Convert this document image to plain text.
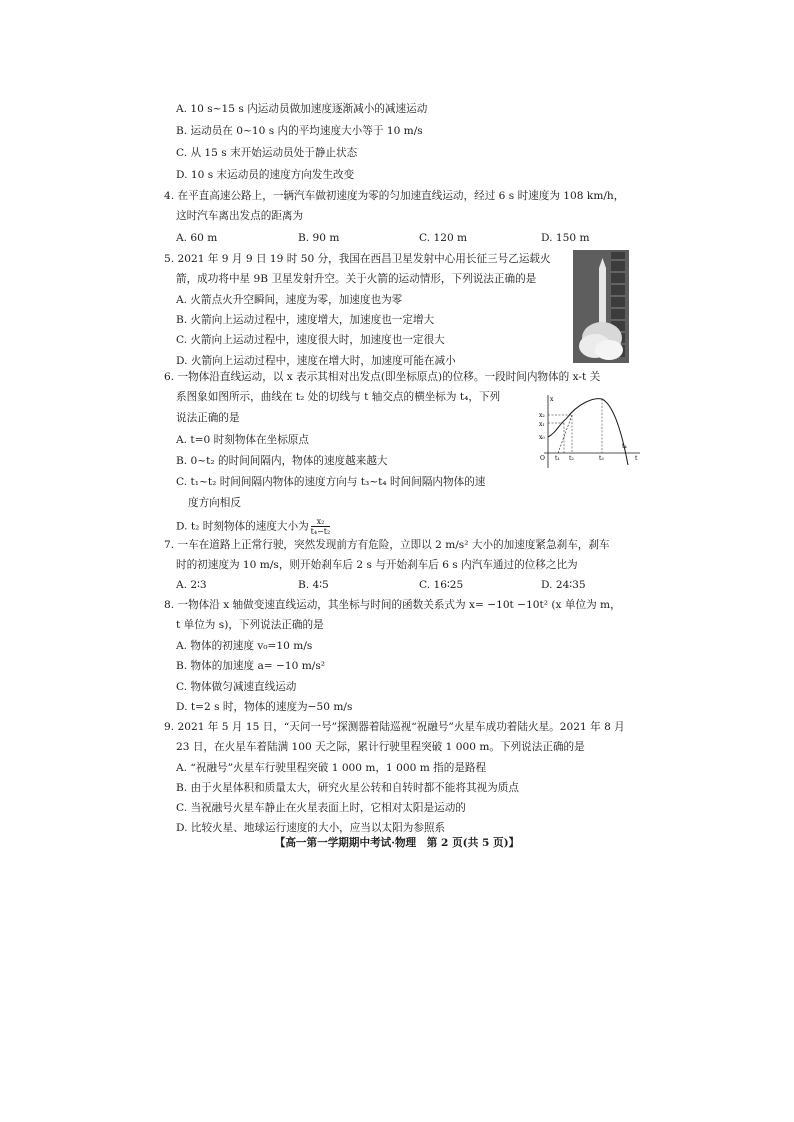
A. 10 s~15 s 内运动员做加速度逐渐减小的减速运动
B. 运动员在 0~10 s 内的平均速度大小等于 10 m/s
C. 从 15 s 末开始运动员处于静止状态
D. 10 s 末运动员的速度方向发生改变
4. 在平直高速公路上，一辆汽车做初速度为零的匀加速直线运动，经过 6 s 时速度为 108 km/h，
这时汽车离出发点的距离为
A. 60 m	B. 90 m	C. 120 m	D. 150 m
5. 2021 年 9 月 9 日 19 时 50 分，我国在西昌卫星发射中心用长征三号乙运载火
箭，成功将中星 9B 卫星发射升空。关于火箭的运动情形，下列说法正确的是
A. 火箭点火升空瞬间，速度为零，加速度也为零
B. 火箭向上运动过程中，速度增大，加速度也一定增大
C. 火箭向上运动过程中，速度很大时，加速度也一定很大
D. 火箭向上运动过程中，速度在增大时，加速度可能在减小
6. 一物体沿直线运动，以 x 表示其相对出发点(即坐标原点)的位移。一段时间内物体的 x-t 关
系图象如图所示，曲线在 t₂ 处的切线与 t 轴交点的横坐标为 t₄，下列
说法正确的是
A. t=0 时刻物体在坐标原点
B. 0~t₂ 的时间间隔内，物体的速度越来越大
C. t₁~t₂ 时间间隔内物体的速度方向与 t₃~t₄ 时间间隔内物体的速
度方向相反
D. t₂ 时刻物体的速度大小为 $\frac{\text{x₂}}{\text{t₄−t₂}}$
x
t
O
x₂
x₁
x₀
t₁ t₂	t₃
t₄
7. 一车在道路上正常行驶，突然发现前方有危险，立即以 2 m/s² 大小的加速度紧急刹车，刹车
时的初速度为 10 m/s，则开始刹车后 2 s 与开始刹车后 6 s 内汽车通过的位移之比为
A. 2∶3	B. 4∶5	C. 16∶25	D. 24∶35
8. 一物体沿 x 轴做变速直线运动，其坐标与时间的函数关系式为 x= −10t −10t² (x 单位为 m，
t 单位为 s)，下列说法正确的是
A. 物体的初速度 v₀=10 m/s
B. 物体的加速度 a= −10 m/s²
C. 物体做匀减速直线运动
D. t=2 s 时，物体的速度为−50 m/s
9. 2021 年 5 月 15 日，“天问一号”探测器着陆巡视“祝融号”火星车成功着陆火星。2021 年 8 月
23 日，在火星车着陆满 100 天之际，累计行驶里程突破 1 000 m。下列说法正确的是
A. “祝融号”火星车行驶里程突破 1 000 m，1 000 m 指的是路程
B. 由于火星体积和质量太大，研究火星公转和自转时都不能将其视为质点
C. 当祝融号火星车静止在火星表面上时，它相对太阳是运动的
D. 比较火星、地球运行速度的大小，应当以太阳为参照系
【高一第一学期期中考试·物理　第 2 页(共 5 页)】
